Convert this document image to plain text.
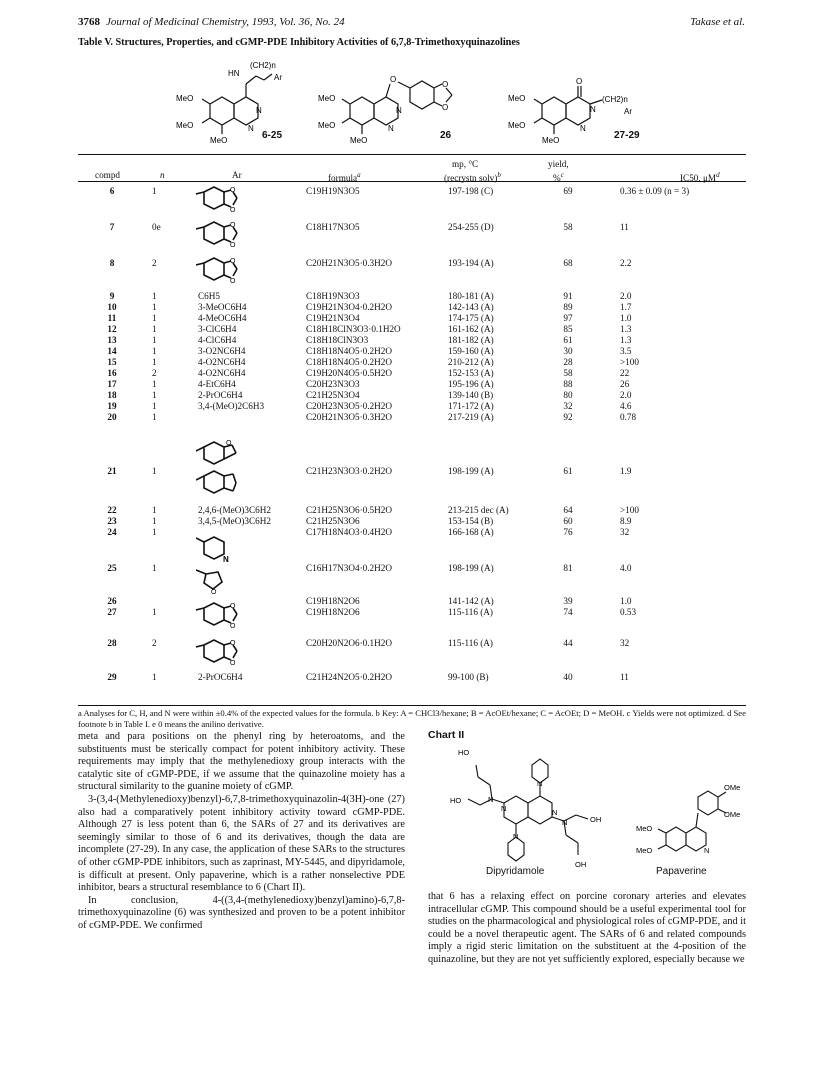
3768 Journal of Medicinal Chemistry, 1993, Vol. 36, No. 24	Takase et al.
Table V. Structures, Properties, and cGMP-PDE Inhibitory Activities of 6,7,8-Trimethoxyquinazolines
HN
(CH2)n
Ar
MeO
MeO
MeO
N
N
6-25
O
O
O
MeO
MeO
MeO
N
N
26
O
N
(CH2)n
Ar
MeO
MeO
MeO
N
27-29
compd	n	Ar	formula$^a$
mp, °C
(recrystn solv)$^b$
yield,
%$^c$	IC50, $\mu M^d$
6	1	C19H19N3O5	197-198 (C)	69	0.36 ± 0.09 (n = 3)
7	0e	C18H17N3O5	254-255 (D)	58	11
8	2	C20H21N3O5·0.3H2O	193-194 (A)	68	2.2
9	1	C6H5	C18H19N3O3	180-181 (A)	91	2.0
10	1	3-MeOC6H4	C19H21N3O4·0.2H2O	142-143 (A)	89	1.7
11	1	4-MeOC6H4	C19H21N3O4	174-175 (A)	97	1.0
12	1	3-ClC6H4	C18H18ClN3O3·0.1H2O	161-162 (A)	85	1.3
13	1	4-ClC6H4	C18H18ClN3O3	181-182 (A)	61	1.3
14	1	3-O2NC6H4	C18H18N4O5·0.2H2O	159-160 (A)	30	3.5
15	1	4-O2NC6H4	C18H18N4O5·0.2H2O	210-212 (A)	28	>100
16	2	4-O2NC6H4	C19H20N4O5·0.5H2O	152-153 (A)	58	22
17	1	4-EtC6H4	C20H23N3O3	195-196 (A)	88	26
18	1	2-PrOC6H4	C21H25N3O4	139-140 (B)	80	2.0
19	1	3,4-(MeO)2C6H3	C20H23N3O5·0.2H2O	171-172 (A)	32	4.6
20	1	C20H21N3O5·0.3H2O	217-219 (A)	92	0.78
21	1	C21H23N3O3·0.2H2O	198-199 (A)	61	1.9
22	1	2,4,6-(MeO)3C6H2	C21H25N3O6·0.5H2O	213-215 dec (A)	64	>100
23	1	3,4,5-(MeO)3C6H2	C21H25N3O6	153-154 (B)	60	8.9
24	1	C17H18N4O3·0.4H2O	166-168 (A)	76	32
25	1	C16H17N3O4·0.2H2O	198-199 (A)	81	4.0
26	C19H18N2O6	141-142 (A)	39	1.0
27	1	C19H18N2O6	115-116 (A)	74	0.53
28	2	C20H20N2O6·0.1H2O	115-116 (A)	44	32
29	1	2-PrOC6H4	C21H24N2O5·0.2H2O	99-100 (B)	40	11
O
O
O
O
O
O
O
N
O
O
O
O
O
a Analyses for C, H, and N were within ±0.4% of the expected values for the formula. b Key: A = CHCl3/hexane; B = AcOEt/hexane; C = AcOEt; D = MeOH. c Yields were not optimized. d See footnote b in Table I. e 0 means the anilino derivative.

meta and para positions on the phenyl ring by heteroatoms, and the substituents must be sterically compact for potent inhibitory activity. These requirements may imply that the methylenedioxy group interacts with the catalytic site of cGMP-PDE, if we assume that the quinazoline moiety has a structural similarity to the guanine moiety of cGMP.

3-(3,4-(Methylenedioxy)benzyl)-6,7,8-trimethoxyquinazolin-4(3H)-one (27) also had a comparatively potent inhibitory activity toward cGMP-PDE. Although 27 is less potent than 6, the SARs of 27 and its derivatives are seemingly similar to those of 6 and its derivatives, though the data are incomplete (27-29). In any case, the application of these SARs to the structures of other cGMP-PDE inhibitors, such as zaprinast, MY-5445, and dipyridamole, is difficult at present. Only papaverine, which is a rather nonselective PDE inhibitor, bears a structural resemblance to 6 (Chart II).

In conclusion, 4-((3,4-(methylenedioxy)benzyl)amino)-6,7,8-trimethoxyquinazoline (6) was synthesized and proven to be a potent inhibitor of cGMP-PDE. We confirmed

Chart II
HO
HO
OH
OH
N
N
N	N
N
N
OMe
OMe
MeO
MeO	N
Dipyridamole	Papaverine

that 6 has a relaxing effect on porcine coronary arteries and elevates intracellular cGMP. This compound should be a useful experimental tool for studies on the pharmacological and physiological roles of cGMP-PDE, and it could be a novel therapeutic agent. The SARs of 6 and related compounds imply a rigid steric limitation on the substituent at the 4-position of the quinazoline, but they are not yet sufficiently explored, especially because we
